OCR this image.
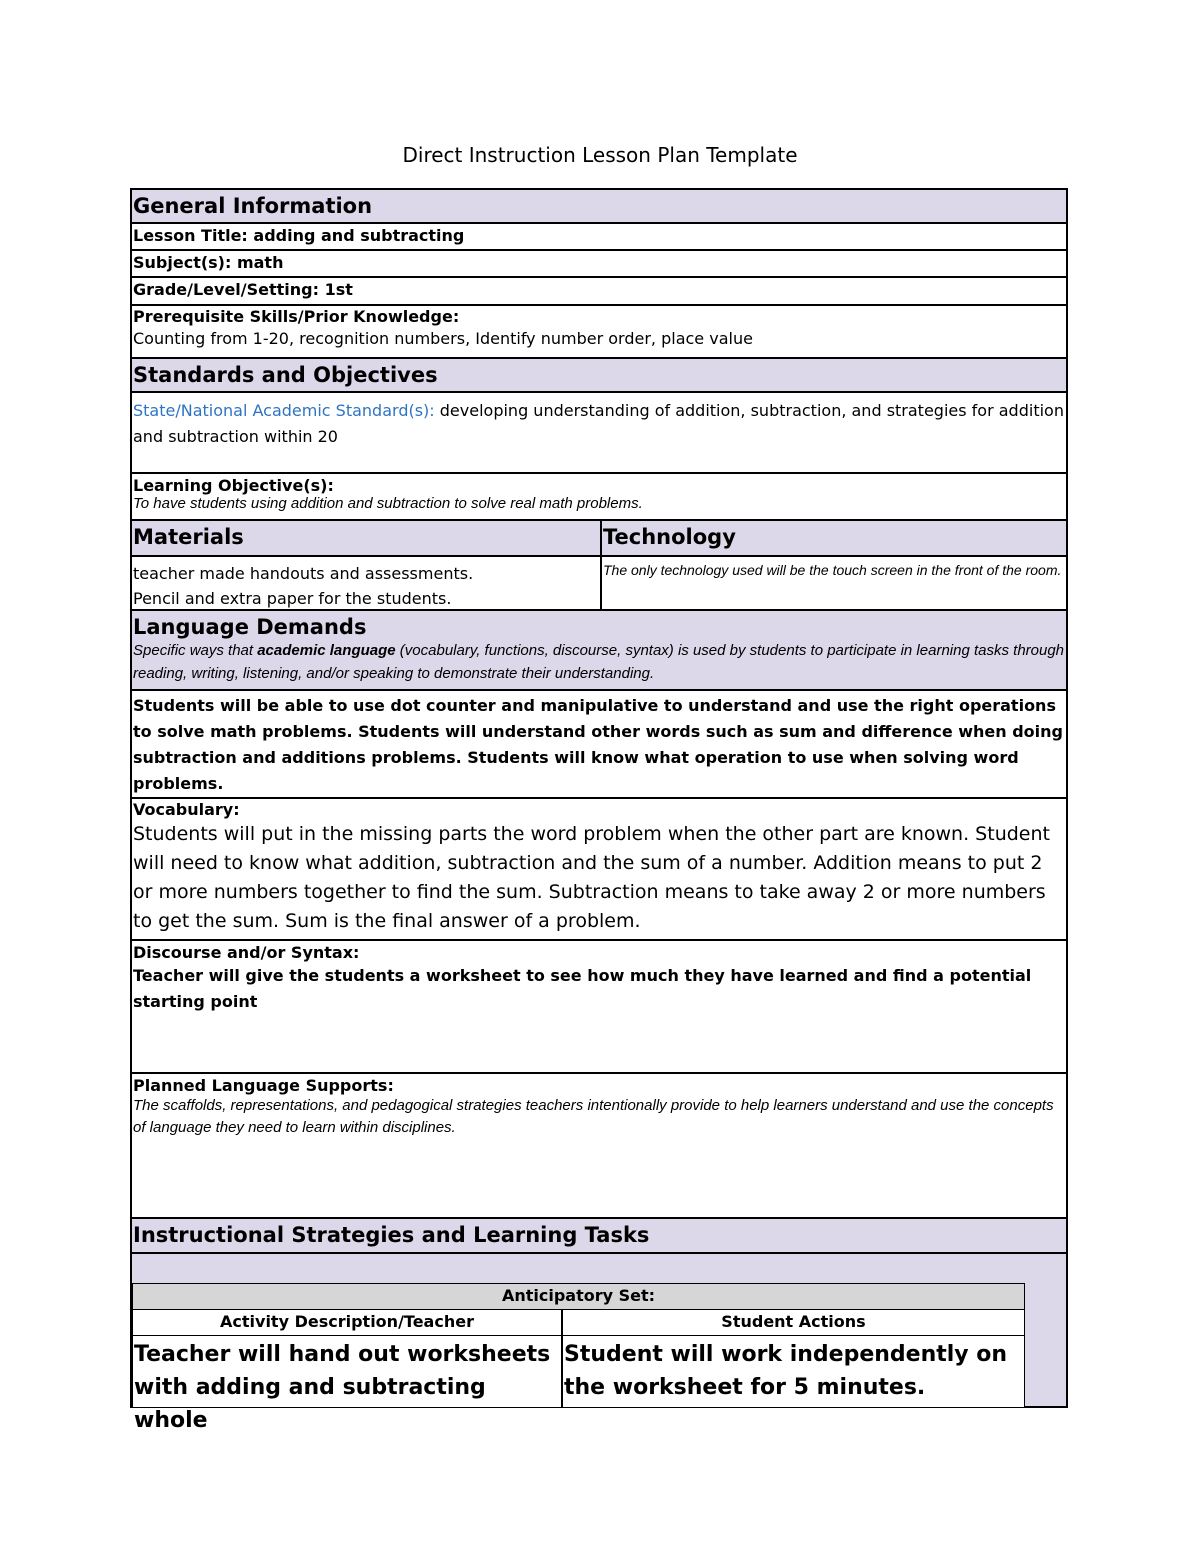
Direct Instruction Lesson Plan Template
General Information
Lesson Title: adding and subtracting
Subject(s): math
Grade/Level/Setting: 1st
Prerequisite Skills/Prior Knowledge:
Counting from 1-20, recognition numbers, Identify number order, place value
Standards and Objectives
State/National Academic Standard(s): developing understanding of addition, subtraction, and strategies for addition and subtraction within 20
Learning Objective(s):
To have students using addition and subtraction to solve real math problems.
Materials	Technology
teacher made handouts and assessments.
Pencil and extra paper for the students.
The only technology used will be the touch screen in the front of the room.
Language Demands
Specific ways that academic language (vocabulary, functions, discourse, syntax) is used by students to participate in learning tasks through reading, writing, listening, and/or speaking to demonstrate their understanding.
Students will be able to use dot counter and manipulative to understand and use the right operations to solve math problems. Students will understand other words such as sum and difference when doing subtraction and additions problems. Students will know what operation to use when solving word problems.
Vocabulary:
Students will put in the missing parts the word problem when the other part are known. Student will need to know what addition, subtraction and the sum of a number. Addition means to put 2 or more numbers together to find the sum. Subtraction means to take away 2 or more numbers to get the sum. Sum is the final answer of a problem.
Discourse and/or Syntax:
Teacher will give the students a worksheet to see how much they have learned and find a potential starting point
Planned Language Supports:
The scaffolds, representations, and pedagogical strategies teachers intentionally provide to help learners understand and use the concepts of language they need to learn within disciplines.
Instructional Strategies and Learning Tasks
Anticipatory Set:
Activity Description/Teacher	Student Actions
Teacher will hand out worksheets with adding and subtracting whole
Student will work independently on the worksheet for 5 minutes.
